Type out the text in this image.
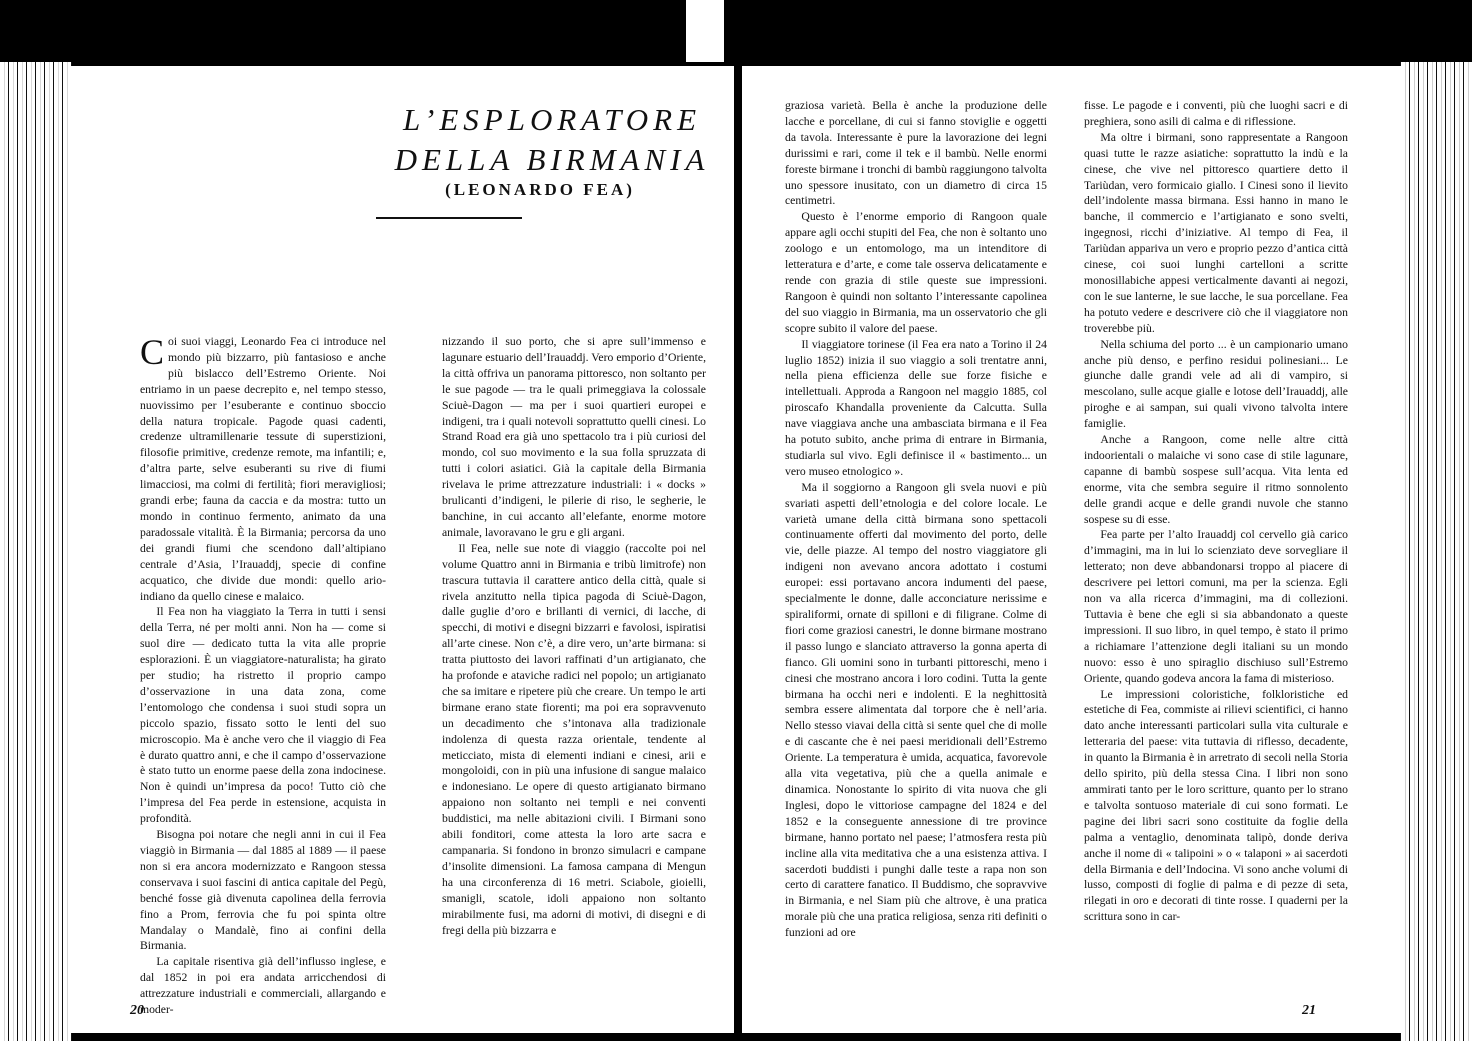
L’ESPLORATORE
DELLA BIRMANIA
(LEONARDO FEA)

Coi suoi viaggi, Leonardo Fea ci introduce nel mondo più bizzarro, più fantasioso e anche più bislacco dell’Estremo Oriente. Noi entriamo in un paese decrepito e, nel tempo stesso, nuovissimo per l’esuberante e continuo sboccio della natura tropicale. Pagode quasi cadenti, credenze ultramillenarie tessute di superstizioni, filosofie primitive, credenze remote, ma infantili; e, d’altra parte, selve esuberanti su rive di fiumi limacciosi, ma colmi di fertilità; fiori meravigliosi; grandi erbe; fauna da caccia e da mostra: tutto un mondo in continuo fermento, animato da una paradossale vitalità. È la Birmania; percorsa da uno dei grandi fiumi che scendono dall’altipiano centrale d’Asia, l’Irauaddj, specie di confine acquatico, che divide due mondi: quello ario-indiano da quello cinese e malaico.

Il Fea non ha viaggiato la Terra in tutti i sensi della Terra, né per molti anni. Non ha — come si suol dire — dedicato tutta la vita alle proprie esplorazioni. È un viaggiatore-naturalista; ha girato per studio; ha ristretto il proprio campo d’osservazione in una data zona, come l’entomologo che condensa i suoi studi sopra un piccolo spazio, fissato sotto le lenti del suo microscopio. Ma è anche vero che il viaggio di Fea è durato quattro anni, e che il campo d’osservazione è stato tutto un enorme paese della zona indocinese. Non è quindi un’impresa da poco! Tutto ciò che l’impresa del Fea perde in estensione, acquista in profondità.

Bisogna poi notare che negli anni in cui il Fea viaggiò in Birmania — dal 1885 al 1889 — il paese non si era ancora modernizzato e Rangoon stessa conservava i suoi fascini di antica capitale del Pegù, benché fosse già divenuta capolinea della ferrovia fino a Prom, ferrovia che fu poi spinta oltre Mandalay o Mandalè, fino ai confini della Birmania.

La capitale risentiva già dell’influsso inglese, e dal 1852 in poi era andata arricchendosi di attrezzature industriali e commerciali, allargando e moder-

nizzando il suo porto, che si apre sull’immenso e lagunare estuario dell’Irauaddj. Vero emporio d’Oriente, la città offriva un panorama pittoresco, non soltanto per le sue pagode — tra le quali primeggiava la colossale Sciuè-Dagon — ma per i suoi quartieri europei e indigeni, tra i quali notevoli soprattutto quelli cinesi. Lo Strand Road era già uno spettacolo tra i più curiosi del mondo, col suo movimento e la sua folla spruzzata di tutti i colori asiatici. Già la capitale della Birmania rivelava le prime attrezzature industriali: i « docks » brulicanti d’indigeni, le pilerie di riso, le segherie, le banchine, in cui accanto all’elefante, enorme motore animale, lavoravano le gru e gli argani.

Il Fea, nelle sue note di viaggio (raccolte poi nel volume Quattro anni in Birmania e tribù limitrofe) non trascura tuttavia il carattere antico della città, quale si rivela anzitutto nella tipica pagoda di Sciuè-Dagon, dalle guglie d’oro e brillanti di vernici, di lacche, di specchi, di motivi e disegni bizzarri e favolosi, ispiratisi all’arte cinese. Non c’è, a dire vero, un’arte birmana: si tratta piuttosto dei lavori raffinati d’un artigianato, che ha profonde e ataviche radici nel popolo; un artigianato che sa imitare e ripetere più che creare. Un tempo le arti birmane erano state fiorenti; ma poi era sopravvenuto un decadimento che s’intonava alla tradizionale indolenza di questa razza orientale, tendente al meticciato, mista di elementi indiani e cinesi, arii e mongoloidi, con in più una infusione di sangue malaico e indonesiano. Le opere di questo artigianato birmano appaiono non soltanto nei templi e nei conventi buddistici, ma nelle abitazioni civili. I Birmani sono abili fonditori, come attesta la loro arte sacra e campanaria. Si fondono in bronzo simulacri e campane d’insolite dimensioni. La famosa campana di Mengun ha una circonferenza di 16 metri. Sciabole, gioielli, smanigli, scatole, idoli appaiono non soltanto mirabilmente fusi, ma adorni di motivi, di disegni e di fregi della più bizzarra e

20

graziosa varietà. Bella è anche la produzione delle lacche e porcellane, di cui si fanno stoviglie e oggetti da tavola. Interessante è pure la lavorazione dei legni durissimi e rari, come il tek e il bambù. Nelle enormi foreste birmane i tronchi di bambù raggiungono talvolta uno spessore inusitato, con un diametro di circa 15 centimetri.

Questo è l’enorme emporio di Rangoon quale appare agli occhi stupiti del Fea, che non è soltanto uno zoologo e un entomologo, ma un intenditore di letteratura e d’arte, e come tale osserva delicatamente e rende con grazia di stile queste sue impressioni. Rangoon è quindi non soltanto l’interessante capolinea del suo viaggio in Birmania, ma un osservatorio che gli scopre subito il valore del paese.

Il viaggiatore torinese (il Fea era nato a Torino il 24 luglio 1852) inizia il suo viaggio a soli trentatre anni, nella piena efficienza delle sue forze fisiche e intellettuali. Approda a Rangoon nel maggio 1885, col piroscafo Khandalla proveniente da Calcutta. Sulla nave viaggiava anche una ambasciata birmana e il Fea ha potuto subito, anche prima di entrare in Birmania, studiarla sul vivo. Egli definisce il « bastimento... un vero museo etnologico ».

Ma il soggiorno a Rangoon gli svela nuovi e più svariati aspetti dell’etnologia e del colore locale. Le varietà umane della città birmana sono spettacoli continuamente offerti dal movimento del porto, delle vie, delle piazze. Al tempo del nostro viaggiatore gli indigeni non avevano ancora adottato i costumi europei: essi portavano ancora indumenti del paese, specialmente le donne, dalle acconciature nerissime e spiraliformi, ornate di spilloni e di filigrane. Colme di fiori come graziosi canestri, le donne birmane mostrano il passo lungo e slanciato attraverso la gonna aperta di fianco. Gli uomini sono in turbanti pittoreschi, meno i cinesi che mostrano ancora i loro codini. Tutta la gente birmana ha occhi neri e indolenti. E la neghittosità sembra essere alimentata dal torpore che è nell’aria. Nello stesso viavai della città si sente quel che di molle e di cascante che è nei paesi meridionali dell’Estremo Oriente. La temperatura è umida, acquatica, favorevole alla vita vegetativa, più che a quella animale e dinamica. Nonostante lo spirito di vita nuova che gli Inglesi, dopo le vittoriose campagne del 1824 e del 1852 e la conseguente annessione di tre province birmane, hanno portato nel paese; l’atmosfera resta più incline alla vita meditativa che a una esistenza attiva. I sacerdoti buddisti i punghi dalle teste a rapa non son certo di carattere fanatico. Il Buddismo, che sopravvive in Birmania, e nel Siam più che altrove, è una pratica morale più che una pratica religiosa, senza riti definiti o funzioni ad ore

fisse. Le pagode e i conventi, più che luoghi sacri e di preghiera, sono asili di calma e di riflessione.

Ma oltre i birmani, sono rappresentate a Rangoon quasi tutte le razze asiatiche: soprattutto la indù e la cinese, che vive nel pittoresco quartiere detto il Tariùdan, vero formicaio giallo. I Cinesi sono il lievito dell’indolente massa birmana. Essi hanno in mano le banche, il commercio e l’artigianato e sono svelti, ingegnosi, ricchi d’iniziative. Al tempo di Fea, il Tariùdan appariva un vero e proprio pezzo d’antica città cinese, coi suoi lunghi cartelloni a scritte monosillabiche appesi verticalmente davanti ai negozi, con le sue lanterne, le sue lacche, le sua porcellane. Fea ha potuto vedere e descrivere ciò che il viaggiatore non troverebbe più.

Nella schiuma del porto ... è un campionario umano anche più denso, e perfino residui polinesiani... Le giunche dalle grandi vele ad ali di vampiro, si mescolano, sulle acque gialle e lotose dell’Irauaddj, alle piroghe e ai sampan, sui quali vivono talvolta intere famiglie.

Anche a Rangoon, come nelle altre città indoorientali o malaiche vi sono case di stile lagunare, capanne di bambù sospese sull’acqua. Vita lenta ed enorme, vita che sembra seguire il ritmo sonnolento delle grandi acque e delle grandi nuvole che stanno sospese su di esse.

Fea parte per l’alto Irauaddj col cervello già carico d’immagini, ma in lui lo scienziato deve sorvegliare il letterato; non deve abbandonarsi troppo al piacere di descrivere pei lettori comuni, ma per la scienza. Egli non va alla ricerca d’immagini, ma di collezioni. Tuttavia è bene che egli si sia abbandonato a queste impressioni. Il suo libro, in quel tempo, è stato il primo a richiamare l’attenzione degli italiani su un mondo nuovo: esso è uno spiraglio dischiuso sull’Estremo Oriente, quando godeva ancora la fama di misterioso.

Le impressioni coloristiche, folkloristiche ed estetiche di Fea, commiste ai rilievi scientifici, ci hanno dato anche interessanti particolari sulla vita culturale e letteraria del paese: vita tuttavia di riflesso, decadente, in quanto la Birmania è in arretrato di secoli nella Storia dello spirito, più della stessa Cina. I libri non sono ammirati tanto per le loro scritture, quanto per lo strano e talvolta sontuoso materiale di cui sono formati. Le pagine dei libri sacri sono costituite da foglie della palma a ventaglio, denominata talipò, donde deriva anche il nome di « talipoini » o « talaponi » ai sacerdoti della Birmania e dell’Indocina. Vi sono anche volumi di lusso, composti di foglie di palma e di pezze di seta, rilegati in oro e decorati di tinte rosse. I quaderni per la scrittura sono in car-

21
